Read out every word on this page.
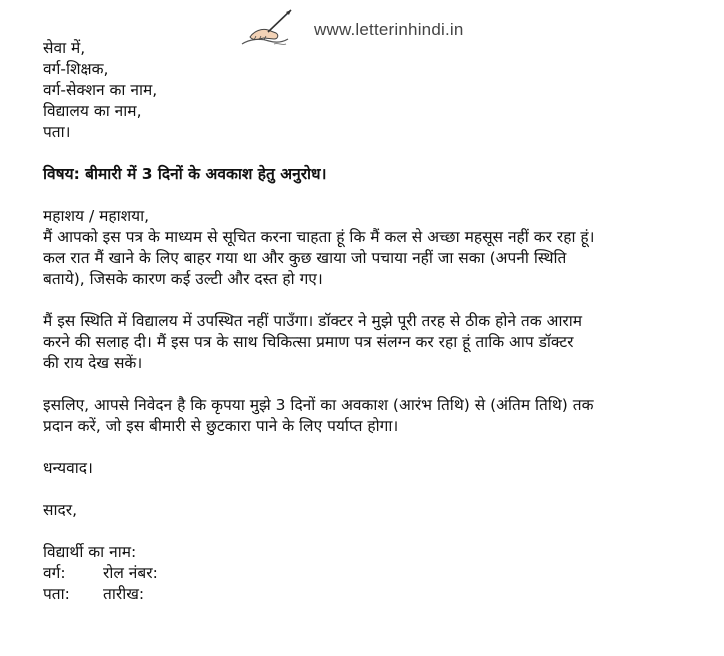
www.letterinhindi.in
सेवा में,
वर्ग-शिक्षक,
वर्ग-सेक्शन का नाम,
विद्यालय का नाम,
पता।
विषय: बीमारी में 3 दिनों के अवकाश हेतु अनुरोध।
महाशय / महाशया,
मैं आपको इस पत्र के माध्यम से सूचित करना चाहता हूं कि मैं कल से अच्छा महसूस नहीं कर रहा हूं।
कल रात मैं खाने के लिए बाहर गया था और कुछ खाया जो पचाया नहीं जा सका (अपनी स्थिति
बताये), जिसके कारण कई उल्टी और दस्त हो गए।
मैं इस स्थिति में विद्यालय में उपस्थित नहीं पाउँगा। डॉक्टर ने मुझे पूरी तरह से ठीक होने तक आराम
करने की सलाह दी। मैं इस पत्र के साथ चिकित्सा प्रमाण पत्र संलग्न कर रहा हूं ताकि आप डॉक्टर
की राय देख सकें।
इसलिए, आपसे निवेदन है कि कृपया मुझे 3 दिनों का अवकाश (आरंभ तिथि) से (अंतिम तिथि) तक
प्रदान करें, जो इस बीमारी से छुटकारा पाने के लिए पर्याप्त होगा।
धन्यवाद।
सादर,
विद्यार्थी का नाम:
वर्ग:	रोल नंबर:
पता:	तारीख:
